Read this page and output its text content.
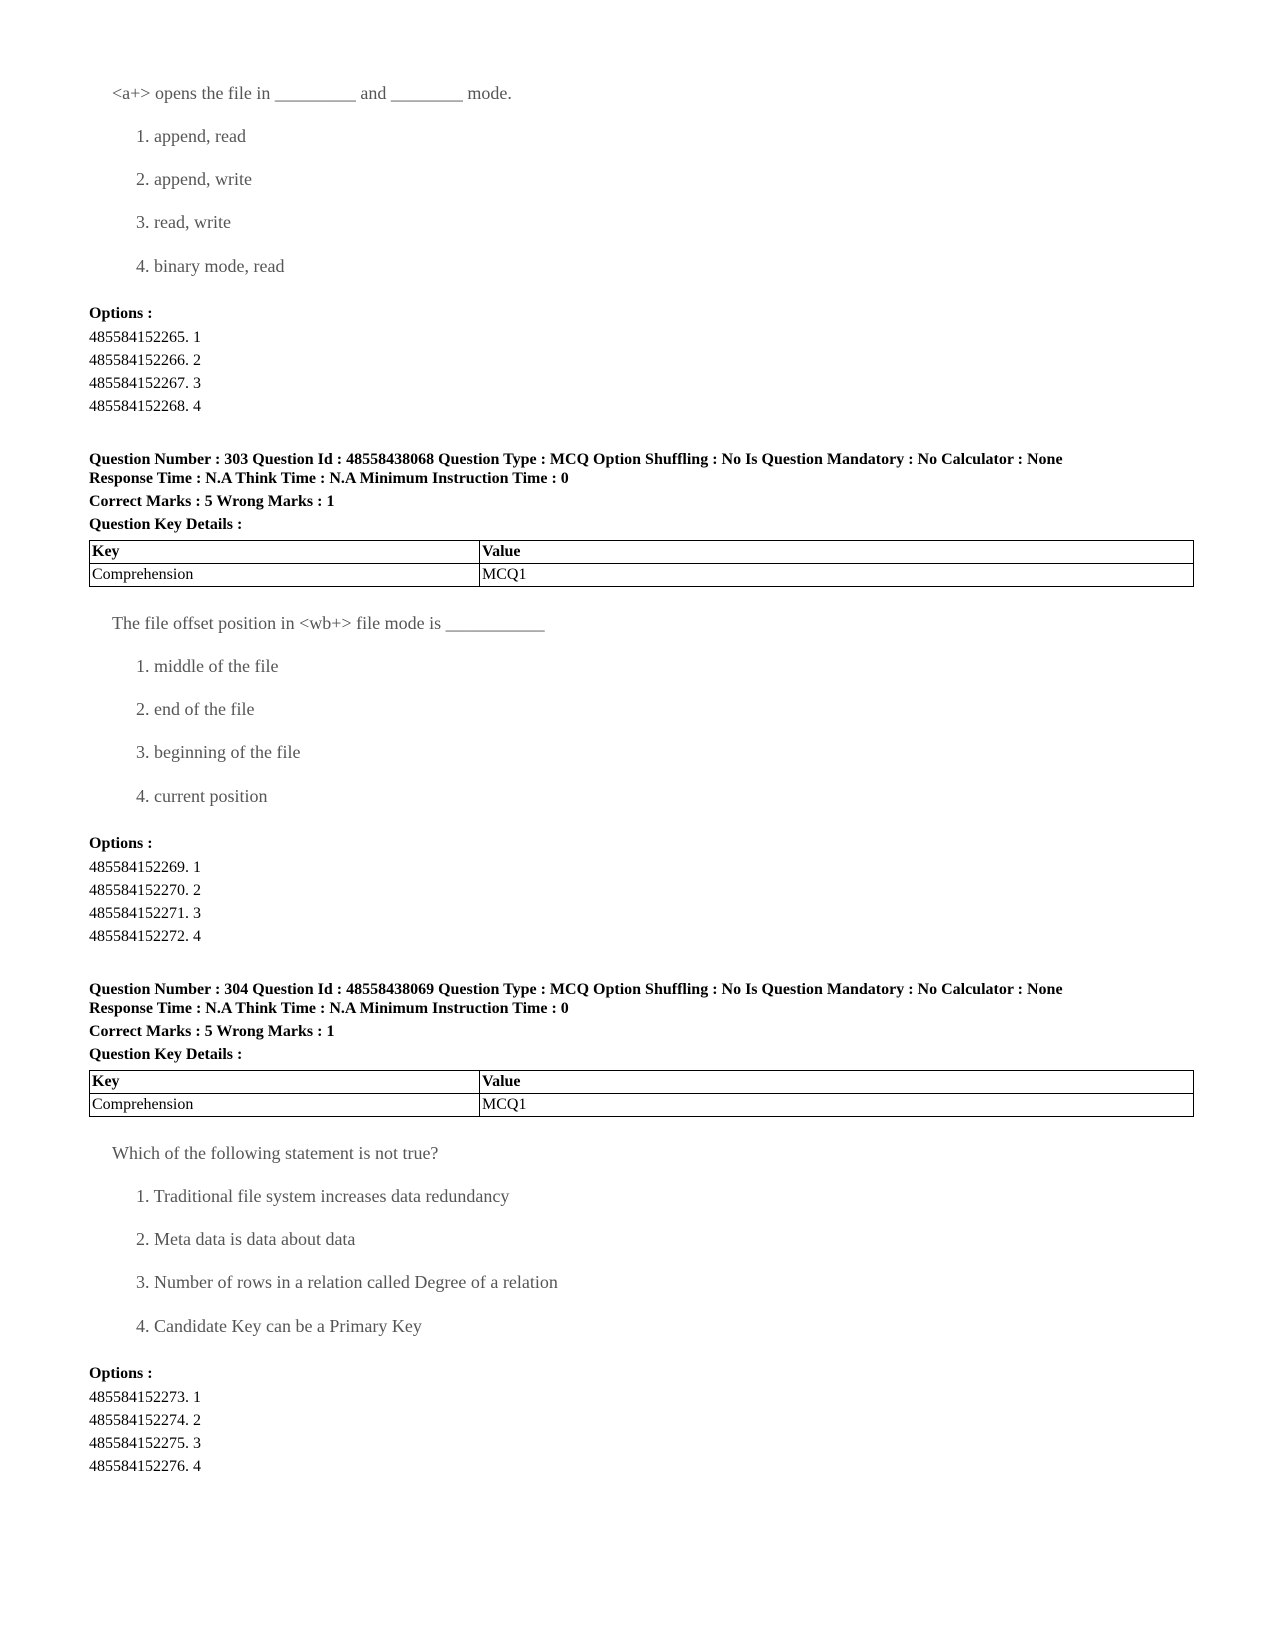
<a+> opens the file in _________ and ________ mode.
1. append, read
2. append, write
3. read, write
4. binary mode, read
Options :
485584152265. 1
485584152266. 2
485584152267. 3
485584152268. 4
Question Number : 303 Question Id : 48558438068 Question Type : MCQ Option Shuffling : No Is Question Mandatory : No Calculator : None
Response Time : N.A Think Time : N.A Minimum Instruction Time : 0
Correct Marks : 5 Wrong Marks : 1
Question Key Details :
Key	Value
Comprehension	MCQ1
The file offset position in <wb+> file mode is ___________
1. middle of the file
2. end of the file
3. beginning of the file
4. current position
Options :
485584152269. 1
485584152270. 2
485584152271. 3
485584152272. 4
Question Number : 304 Question Id : 48558438069 Question Type : MCQ Option Shuffling : No Is Question Mandatory : No Calculator : None
Response Time : N.A Think Time : N.A Minimum Instruction Time : 0
Correct Marks : 5 Wrong Marks : 1
Question Key Details :
Key	Value
Comprehension	MCQ1
Which of the following statement is not true?
1. Traditional file system increases data redundancy
2. Meta data is data about data
3. Number of rows in a relation called Degree of a relation
4. Candidate Key can be a Primary Key
Options :
485584152273. 1
485584152274. 2
485584152275. 3
485584152276. 4
